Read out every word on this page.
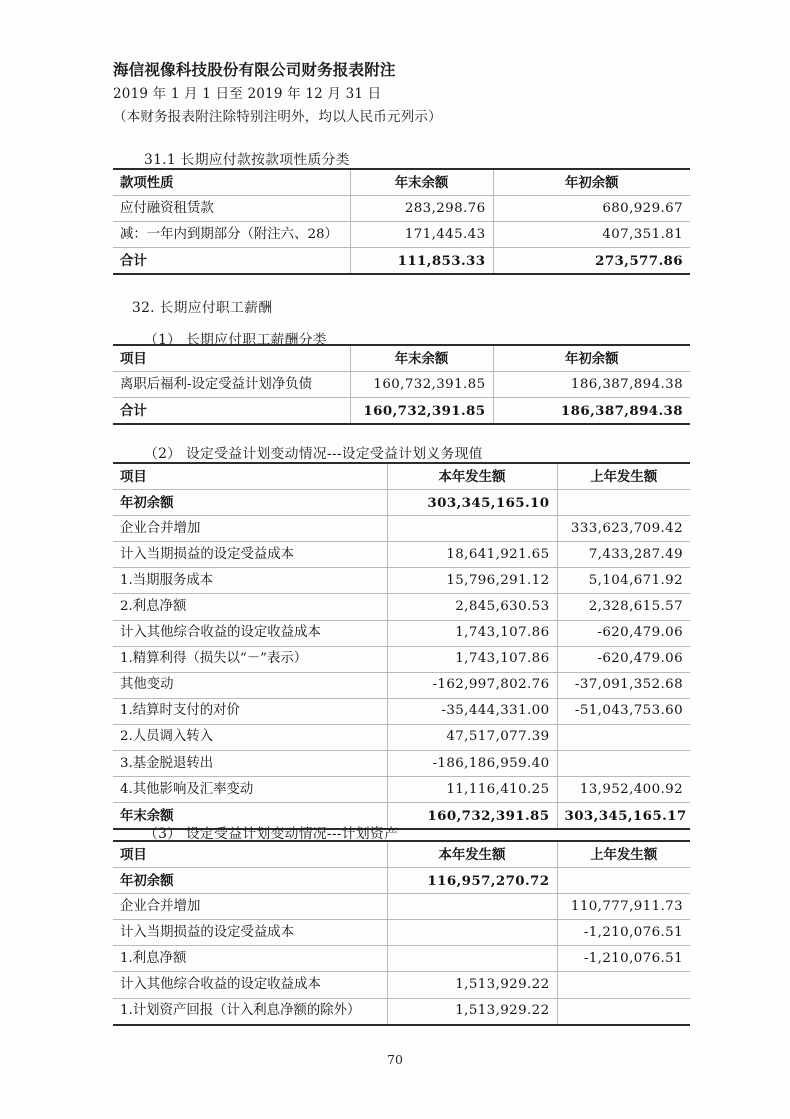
海信视像科技股份有限公司财务报表附注
2019 年 1 月 1 日至 2019 年 12 月 31 日
（本财务报表附注除特别注明外，均以人民币元列示）
31.1 长期应付款按款项性质分类
款项性质	年末余额	年初余额
应付融资租赁款	283,298.76	680,929.67
减：一年内到期部分（附注六、28）	171,445.43	407,351.81
合计	111,853.33	273,577.86
32. 长期应付职工薪酬
（1） 长期应付职工薪酬分类
项目	年末余额	年初余额
离职后福利-设定受益计划净负债	160,732,391.85	186,387,894.38
合计	160,732,391.85	186,387,894.38
（2） 设定受益计划变动情况---设定受益计划义务现值
项目	本年发生额	上年发生额
年初余额	303,345,165.10	
企业合并增加		333,623,709.42
计入当期损益的设定受益成本	18,641,921.65	7,433,287.49
1.当期服务成本	15,796,291.12	5,104,671.92
2.利息净额	2,845,630.53	2,328,615.57
计入其他综合收益的设定收益成本	1,743,107.86	-620,479.06
1.精算利得（损失以“－”表示）	1,743,107.86	-620,479.06
其他变动	-162,997,802.76	-37,091,352.68
1.结算时支付的对价	-35,444,331.00	-51,043,753.60
2.人员调入转入	47,517,077.39	
3.基金脱退转出	-186,186,959.40	
4.其他影响及汇率变动	11,116,410.25	13,952,400.92
年末余额	160,732,391.85	303,345,165.17
（3） 设定受益计划变动情况---计划资产
项目	本年发生额	上年发生额
年初余额	116,957,270.72	
企业合并增加		110,777,911.73
计入当期损益的设定受益成本		-1,210,076.51
1.利息净额		-1,210,076.51
计入其他综合收益的设定收益成本	1,513,929.22	
1.计划资产回报（计入利息净额的除外）	1,513,929.22	
70
